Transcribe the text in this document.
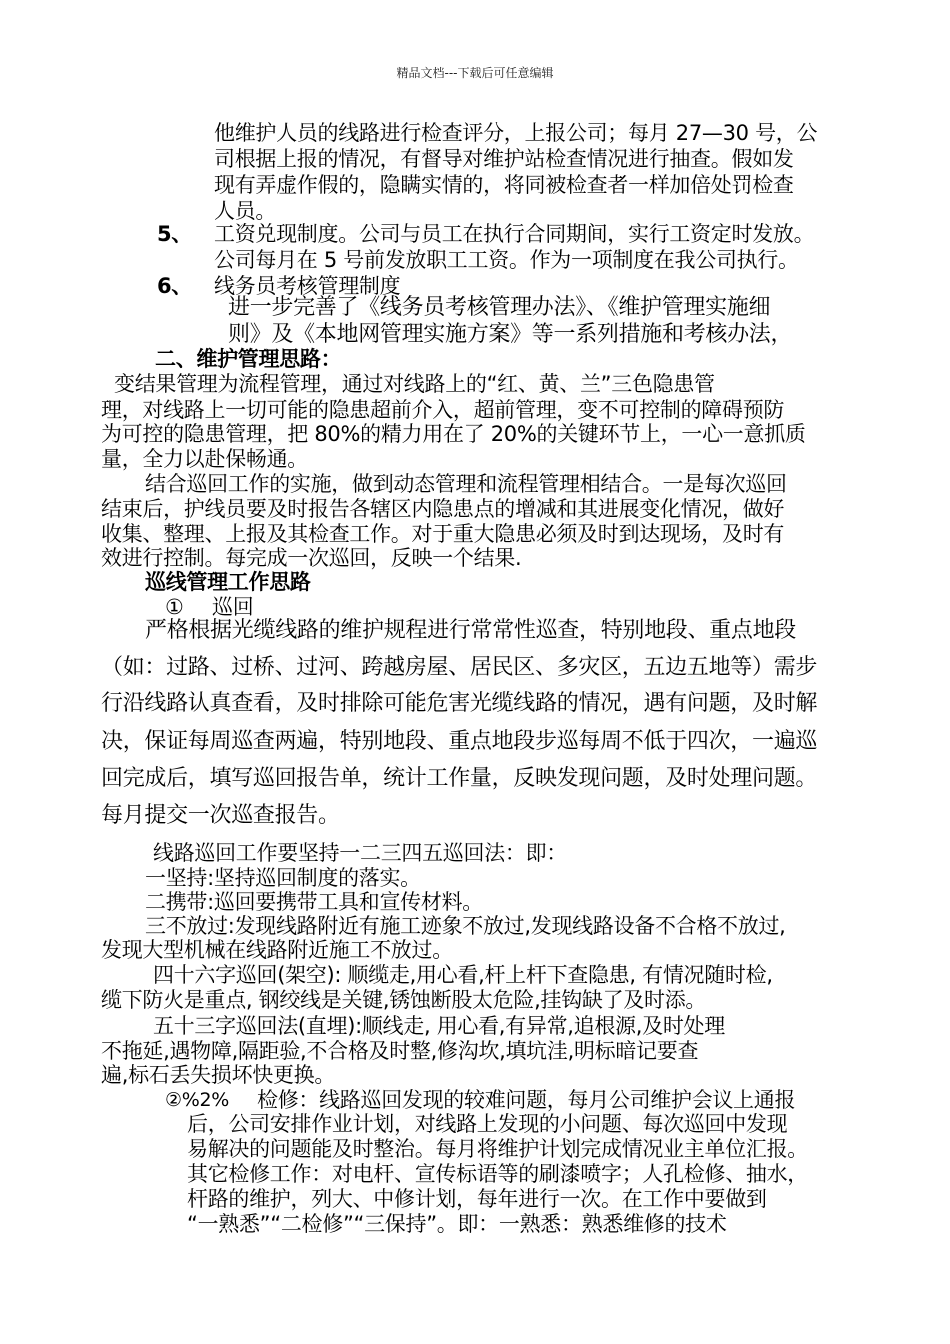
精品文档---下载后可任意编辑
他维护人员的线路进行检查评分，上报公司；每月 27—30 号，公
司根据上报的情况，有督导对维护站检查情况进行抽查。假如发
现有弄虚作假的，隐瞒实情的，将同被检查者一样加倍处罚检查
人员。
5、 工资兑现制度。公司与员工在执行合同期间，实行工资定时发放。
公司每月在 5 号前发放职工工资。作为一项制度在我公司执行。
6、 线务员考核管理制度
进一步完善了《线务员考核管理办法》、《维护管理实施细
则》及《本地网管理实施方案》等一系列措施和考核办法，
二、维护管理思路：
变结果管理为流程管理，通过对线路上的“红、黄、兰”三色隐患管
理，对线路上一切可能的隐患超前介入，超前管理，变不可控制的障碍预防
为可控的隐患管理，把 80%的精力用在了 20%的关键环节上，一心一意抓质
量，全力以赴保畅通。
结合巡回工作的实施，做到动态管理和流程管理相结合。一是每次巡回
结束后，护线员要及时报告各辖区内隐患点的增减和其进展变化情况，做好
收集、整理、上报及其检查工作。对于重大隐患必须及时到达现场，及时有
效进行控制。每完成一次巡回，反映一个结果.
巡线管理工作思路
① 巡回
严格根据光缆线路的维护规程进行常常性巡查，特别地段、重点地段
（如：过路、过桥、过河、跨越房屋、居民区、多灾区，五边五地等）需步
行沿线路认真查看，及时排除可能危害光缆线路的情况，遇有问题，及时解
决，保证每周巡查两遍，特别地段、重点地段步巡每周不低于四次，一遍巡
回完成后，填写巡回报告单，统计工作量，反映发现问题，及时处理问题。
每月提交一次巡查报告。
线路巡回工作要坚持一二三四五巡回法：即：
一坚持:坚持巡回制度的落实。
二携带:巡回要携带工具和宣传材料。
三不放过:发现线路附近有施工迹象不放过,发现线路设备不合格不放过,
发现大型机械在线路附近施工不放过。
四十六字巡回(架空): 顺缆走,用心看,杆上杆下查隐患, 有情况随时检,
缆下防火是重点, 钢绞线是关键,锈蚀断股太危险,挂钩缺了及时添。
五十三字巡回法(直埋):顺线走, 用心看,有异常,追根源,及时处理
不拖延,遇物障,隔距验,不合格及时整,修沟坎,填坑洼,明标暗记要查
遍,标石丢失损坏快更换。
②%2% 检修：线路巡回发现的较难问题，每月公司维护会议上通报
后，公司安排作业计划，对线路上发现的小问题、每次巡回中发现
易解决的问题能及时整治。每月将维护计划完成情况业主单位汇报。
其它检修工作：对电杆、宣传标语等的刷漆喷字；人孔检修、抽水，
杆路的维护，列大、中修计划，每年进行一次。在工作中要做到
“一熟悉”“二检修”“三保持”。即：一熟悉：熟悉维修的技术
